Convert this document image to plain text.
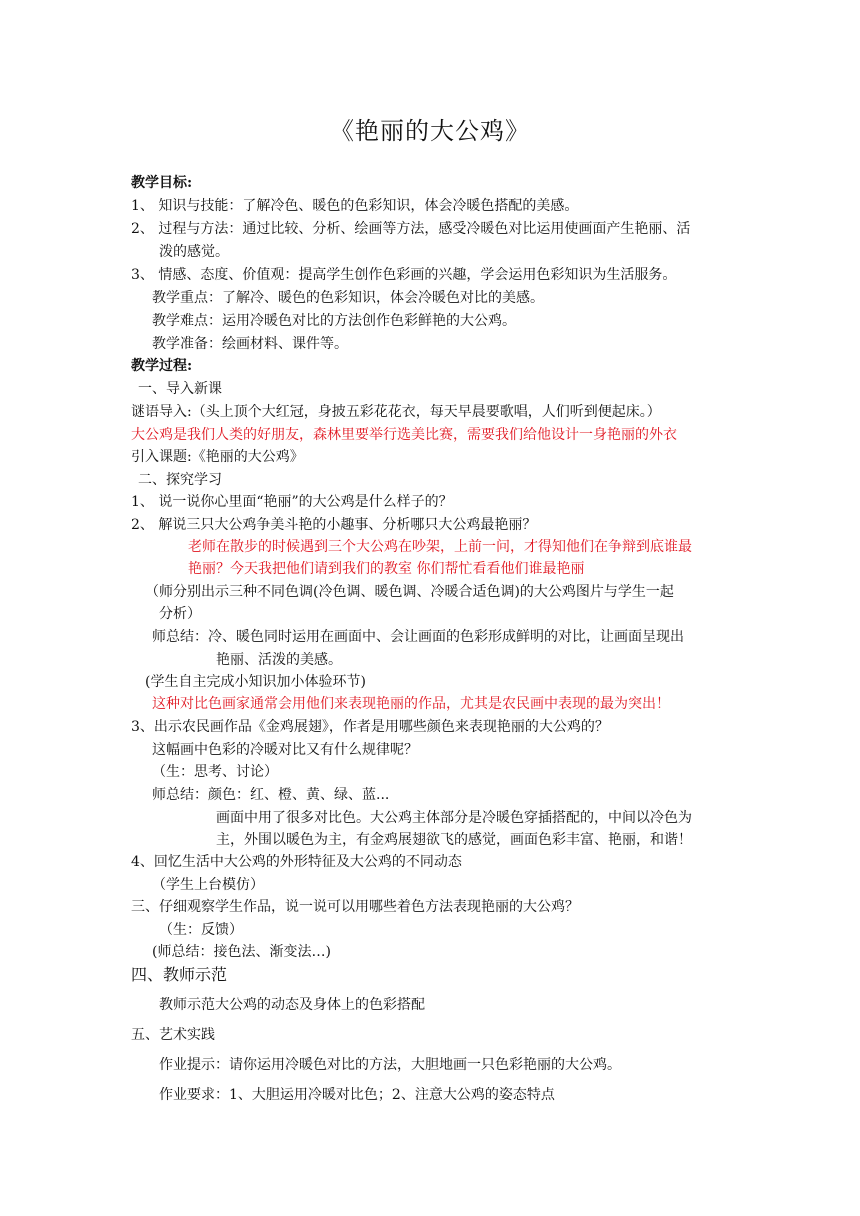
《艳丽的大公鸡》
教学目标:
1、 知识与技能：了解冷色、暖色的色彩知识，体会冷暖色搭配的美感。
2、 过程与方法：通过比较、分析、绘画等方法，感受冷暖色对比运用使画面产生艳丽、活
泼的感觉。
3、 情感、态度、价值观：提高学生创作色彩画的兴趣，学会运用色彩知识为生活服务。
教学重点：了解冷、暖色的色彩知识，体会冷暖色对比的美感。
教学难点：运用冷暖色对比的方法创作色彩鲜艳的大公鸡。
教学准备：绘画材料、课件等。
教学过程:
一、导入新课
谜语导入:（头上顶个大红冠，身披五彩花花衣，每天早晨要歌唱，人们听到便起床。）
大公鸡是我们人类的好朋友，森林里要举行选美比赛，需要我们给他设计一身艳丽的外衣
引入课题:《艳丽的大公鸡》
二、探究学习
1、 说一说你心里面“艳丽”的大公鸡是什么样子的？
2、 解说三只大公鸡争美斗艳的小趣事、分析哪只大公鸡最艳丽？
老师在散步的时候遇到三个大公鸡在吵架，上前一问，才得知他们在争辩到底谁最
艳丽？今天我把他们请到我们的教室 你们帮忙看看他们谁最艳丽
（师分别出示三种不同色调(冷色调、暖色调、冷暖合适色调)的大公鸡图片与学生一起
分析）
师总结：冷、暖色同时运用在画面中、会让画面的色彩形成鲜明的对比，让画面呈现出
艳丽、活泼的美感。
(学生自主完成小知识加小体验环节)
这种对比色画家通常会用他们来表现艳丽的作品，尤其是农民画中表现的最为突出！
3、出示农民画作品《金鸡展翅》，作者是用哪些颜色来表现艳丽的大公鸡的？
这幅画中色彩的冷暖对比又有什么规律呢？
（生：思考、讨论）
师总结：颜色：红、橙、黄、绿、蓝...
画面中用了很多对比色。大公鸡主体部分是冷暖色穿插搭配的，中间以冷色为
主，外围以暖色为主，有金鸡展翅欲飞的感觉，画面色彩丰富、艳丽，和谐！
4、回忆生活中大公鸡的外形特征及大公鸡的不同动态
（学生上台模仿）
三、仔细观察学生作品，说一说可以用哪些着色方法表现艳丽的大公鸡？
（生：反馈）
(师总结：接色法、渐变法…)
四、教师示范
教师示范大公鸡的动态及身体上的色彩搭配
五、艺术实践
作业提示：请你运用冷暖色对比的方法，大胆地画一只色彩艳丽的大公鸡。
作业要求：1、大胆运用冷暖对比色；2、注意大公鸡的姿态特点
